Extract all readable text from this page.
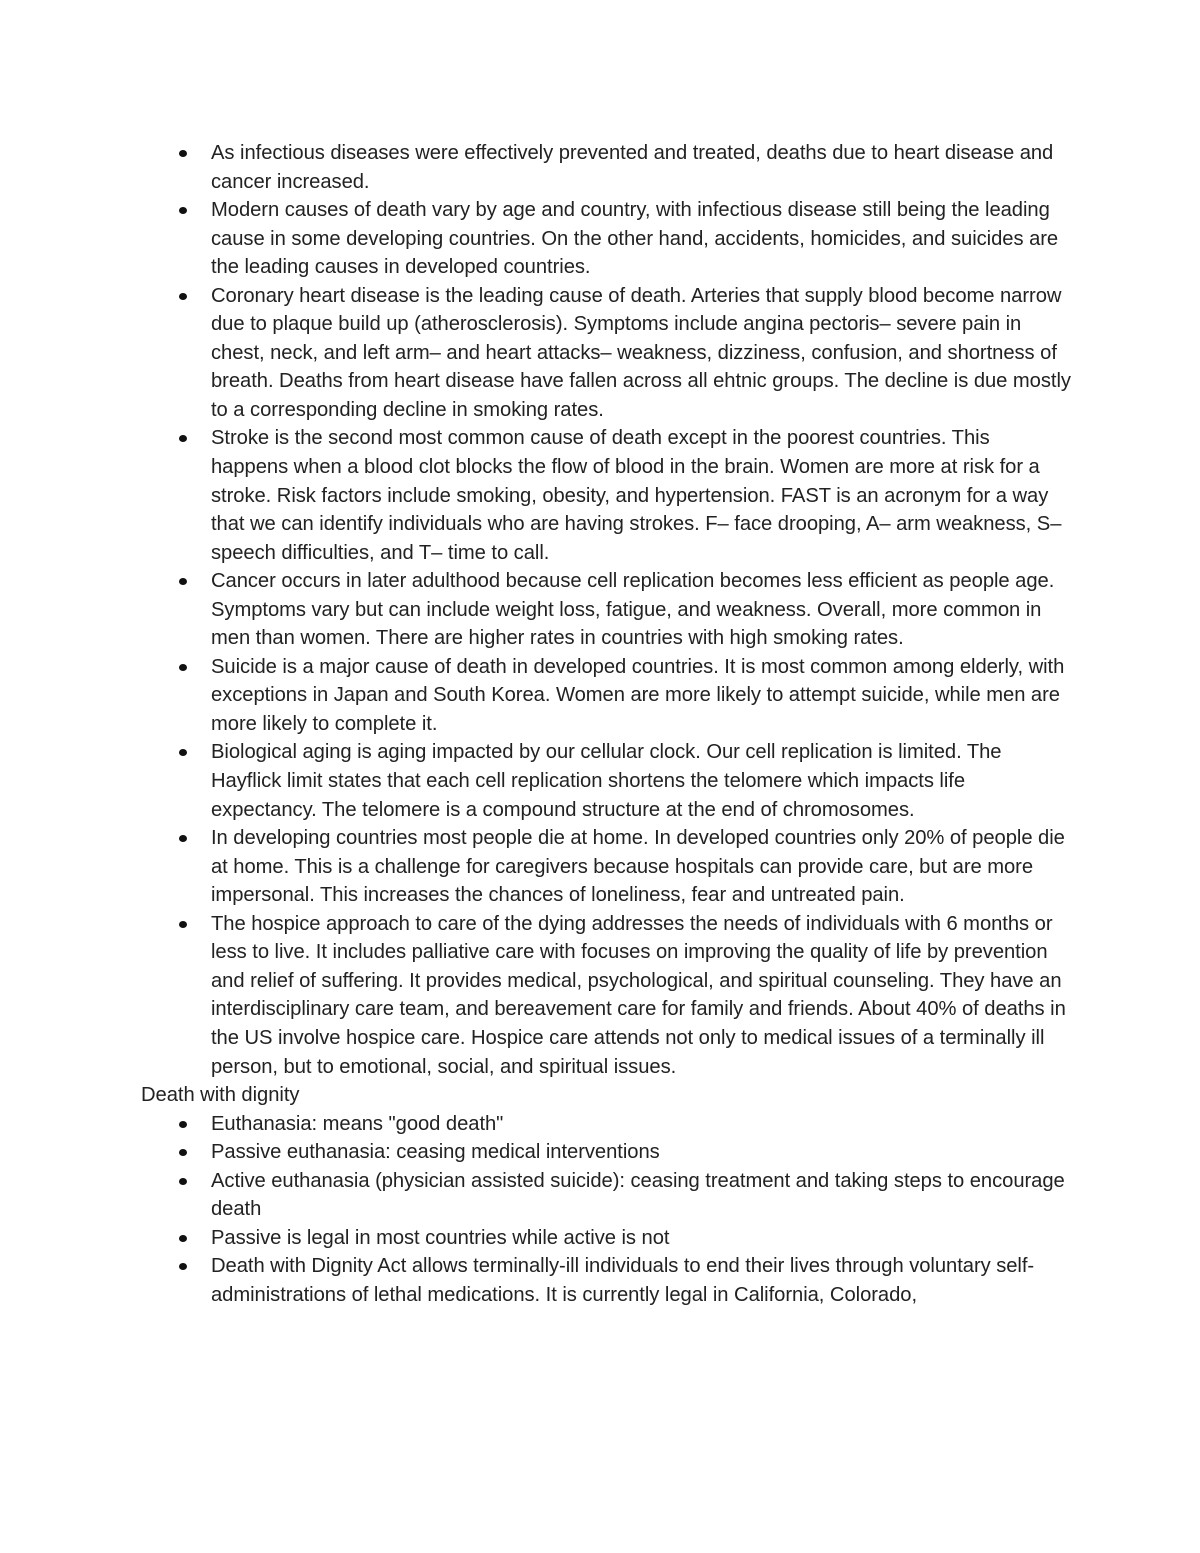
As infectious diseases were effectively prevented and treated, deaths due to heart disease and cancer increased.
Modern causes of death vary by age and country, with infectious disease still being the leading cause in some developing countries. On the other hand, accidents, homicides, and suicides are the leading causes in developed countries.
Coronary heart disease is the leading cause of death. Arteries that supply blood become narrow due to plaque build up (atherosclerosis). Symptoms include angina pectoris– severe pain in chest, neck, and left arm– and heart attacks– weakness, dizziness, confusion, and shortness of breath. Deaths from heart disease have fallen across all ehtnic groups. The decline is due mostly to a corresponding decline in smoking rates.
Stroke is the second most common cause of death except in the poorest countries. This happens when a blood clot blocks the flow of blood in the brain. Women are more at risk for a stroke. Risk factors include smoking, obesity, and hypertension. FAST is an acronym for a way that we can identify individuals who are having strokes. F– face drooping, A– arm weakness, S– speech difficulties, and T– time to call.
Cancer occurs in later adulthood because cell replication becomes less efficient as people age. Symptoms vary but can include weight loss, fatigue, and weakness. Overall, more common in men than women. There are higher rates in countries with high smoking rates.
Suicide is a major cause of death in developed countries. It is most common among elderly, with exceptions in Japan and South Korea. Women are more likely to attempt suicide, while men are more likely to complete it.
Biological aging is aging impacted by our cellular clock. Our cell replication is limited. The Hayflick limit states that each cell replication shortens the telomere which impacts life expectancy. The telomere is a compound structure at the end of chromosomes.
In developing countries most people die at home. In developed countries only 20% of people die at home. This is a challenge for caregivers because hospitals can provide care, but are more impersonal. This increases the chances of loneliness, fear and untreated pain.
The hospice approach to care of the dying addresses the needs of individuals with 6 months or less to live. It includes palliative care with focuses on improving the quality of life by prevention and relief of suffering. It provides medical, psychological, and spiritual counseling. They have an interdisciplinary care team, and bereavement care for family and friends. About 40% of deaths in the US involve hospice care. Hospice care attends not only to medical issues of a terminally ill person, but to emotional, social, and spiritual issues.

Death with dignity

Euthanasia: means "good death"
Passive euthanasia: ceasing medical interventions
Active euthanasia (physician assisted suicide): ceasing treatment and taking steps to encourage death
Passive is legal in most countries while active is not
Death with Dignity Act allows terminally-ill individuals to end their lives through voluntary self-administrations of lethal medications. It is currently legal in California, Colorado,
